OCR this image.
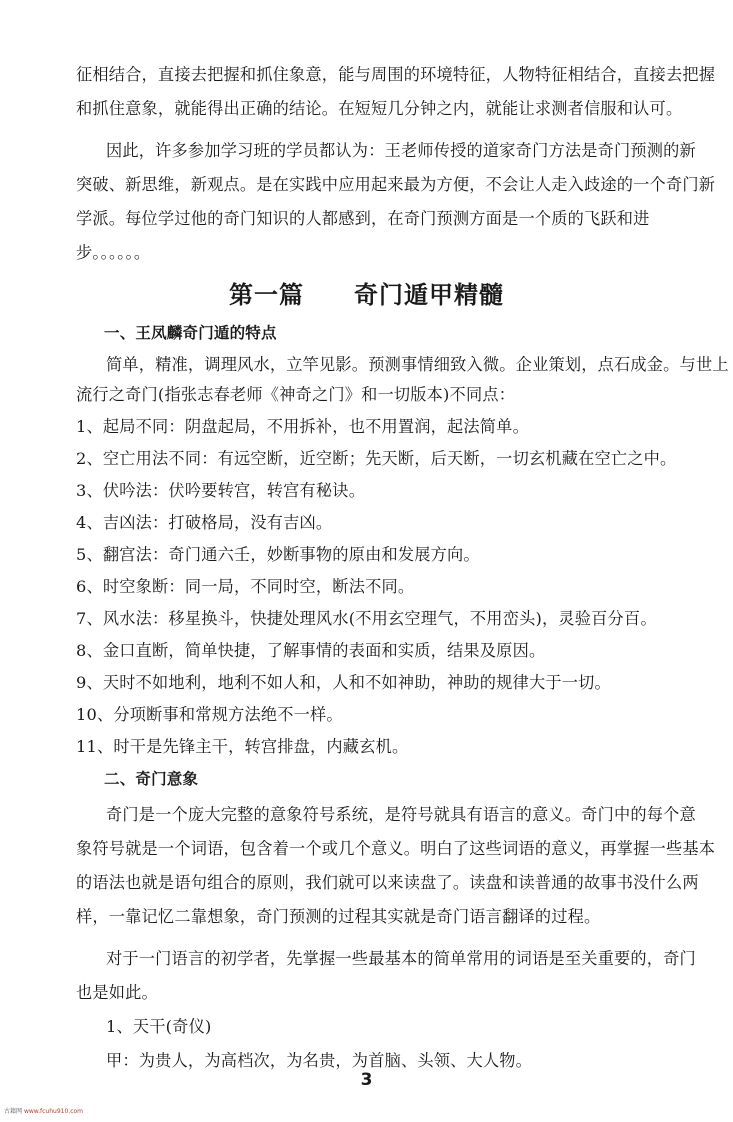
征相结合，直接去把握和抓住象意，能与周围的环境特征，人物特征相结合，直接去把握
和抓住意象，就能得出正确的结论。在短短几分钟之内，就能让求测者信服和认可。
因此，许多参加学习班的学员都认为：王老师传授的道家奇门方法是奇门预测的新
突破、新思维，新观点。是在实践中应用起来最为方便，不会让人走入歧途的一个奇门新
学派。每位学过他的奇门知识的人都感到，在奇门预测方面是一个质的飞跃和进
步。。。。。。
第一篇　　奇门遁甲精髓
一、王凤麟奇门遁的特点
简单，精准，调理风水，立竿见影。预测事情细致入微。企业策划，点石成金。与世上
流行之奇门(指张志春老师《神奇之门》和一切版本)不同点：
1、起局不同：阴盘起局，不用拆补，也不用置润，起法简单。
2、空亡用法不同：有远空断，近空断；先天断，后天断，一切玄机藏在空亡之中。
3、伏吟法：伏吟要转宫，转宫有秘诀。
4、吉凶法：打破格局，没有吉凶。
5、翻宫法：奇门通六壬，妙断事物的原由和发展方向。
6、时空象断：同一局，不同时空，断法不同。
7、风水法：移星换斗，快捷处理风水(不用玄空理气，不用峦头)，灵验百分百。
8、金口直断，简单快捷，了解事情的表面和实质，结果及原因。
9、天时不如地利，地利不如人和，人和不如神助，神助的规律大于一切。
10、分项断事和常规方法绝不一样。
11、时干是先锋主干，转宫排盘，内藏玄机。
二、奇门意象
奇门是一个庞大完整的意象符号系统，是符号就具有语言的意义。奇门中的每个意
象符号就是一个词语，包含着一个或几个意义。明白了这些词语的意义，再掌握一些基本
的语法也就是语句组合的原则，我们就可以来读盘了。读盘和读普通的故事书没什么两
样，一靠记忆二靠想象，奇门预测的过程其实就是奇门语言翻译的过程。
对于一门语言的初学者，先掌握一些最基本的简单常用的词语是至关重要的，奇门
也是如此。
1、天干(奇仪)
甲：为贵人，为高档次，为名贵，为首脑、头领、大人物。
3
古籍网 www.fcuhu910.com
